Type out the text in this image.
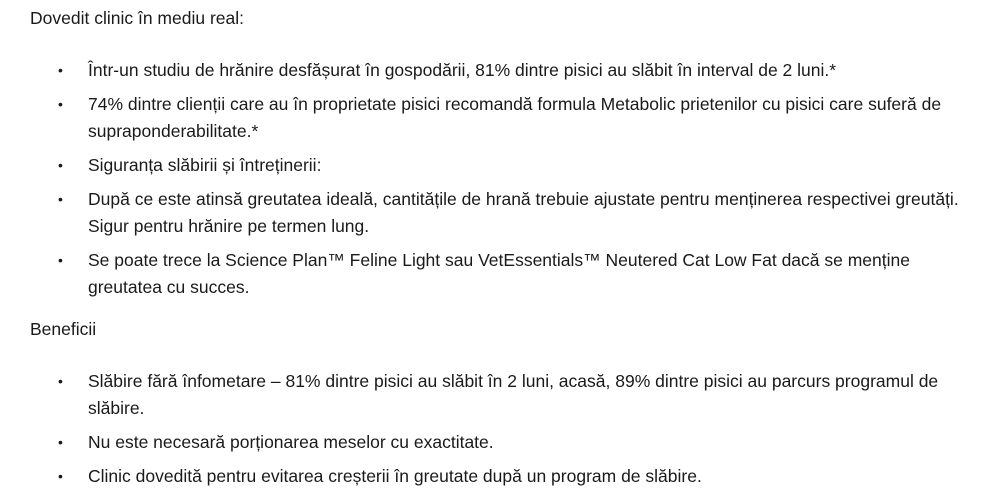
Dovedit clinic în mediu real:

• Într-un studiu de hrănire desfășurat în gospodării, 81% dintre pisici au slăbit în interval de 2 luni.*
• 74% dintre clienții care au în proprietate pisici recomandă formula Metabolic prietenilor cu pisici care suferă de supraponderabilitate.*
• Siguranța slăbirii și întreținerii:
• După ce este atinsă greutatea ideală, cantitățile de hrană trebuie ajustate pentru menținerea respectivei greutăți. Sigur pentru hrănire pe termen lung.
• Se poate trece la Science Plan™ Feline Light sau VetEssentials™ Neutered Cat Low Fat dacă se menține greutatea cu succes.

Beneficii

• Slăbire fără înfometare – 81% dintre pisici au slăbit în 2 luni, acasă, 89% dintre pisici au parcurs programul de slăbire.
• Nu este necesară porționarea meselor cu exactitate.
• Clinic dovedită pentru evitarea creșterii în greutate după un program de slăbire.
